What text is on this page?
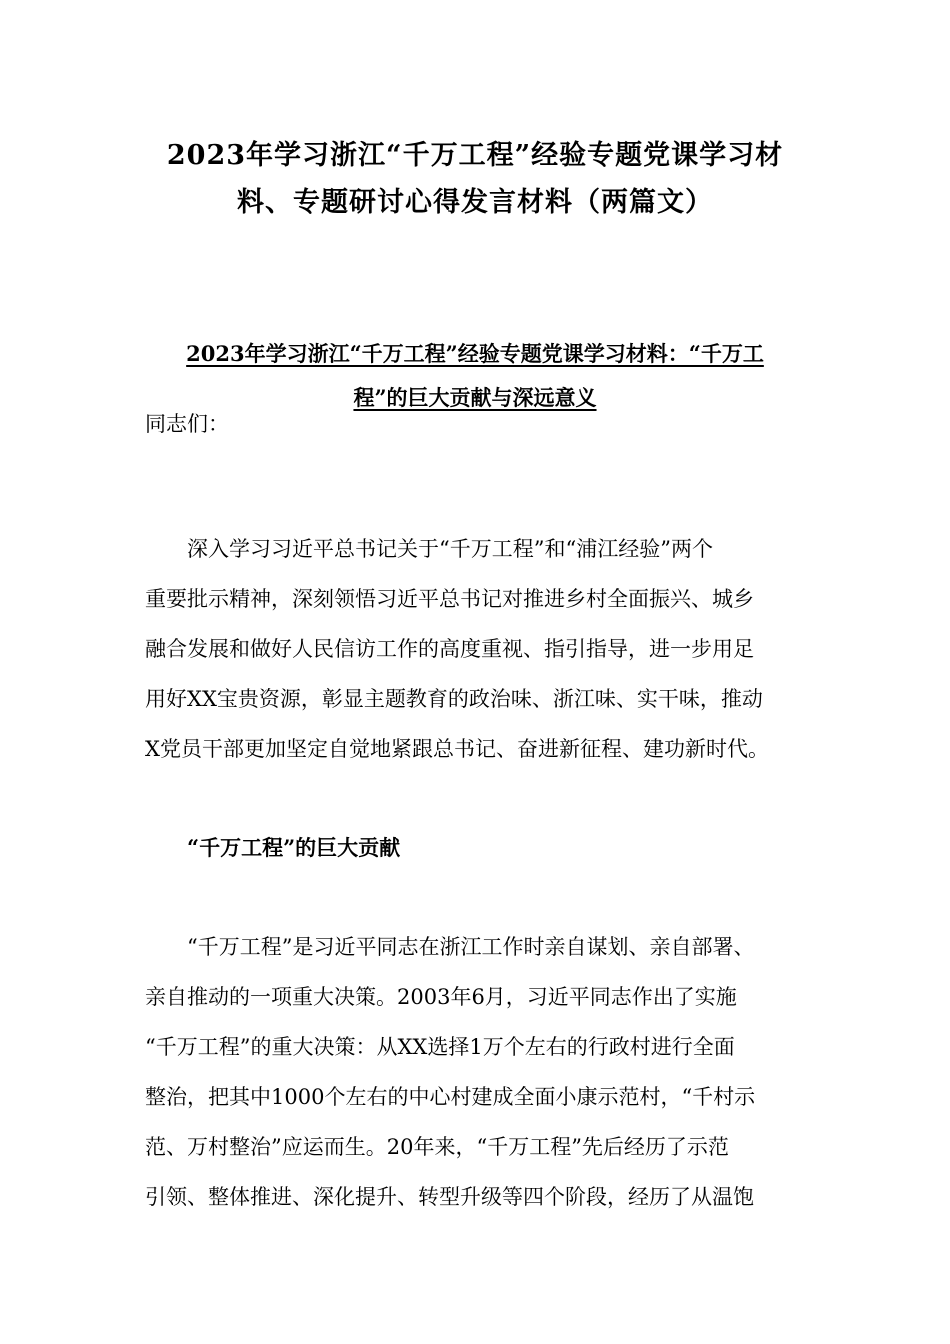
2023年学习浙江“千万工程”经验专题党课学习材
料、专题研讨心得发言材料（两篇文）
2023年学习浙江“千万工程”经验专题党课学习材料：“千万工
程”的巨大贡献与深远意义

同志们：

深入学习习近平总书记关于“千万工程”和“浦江经验”两个

重要批示精神，深刻领悟习近平总书记对推进乡村全面振兴、城乡

融合发展和做好人民信访工作的高度重视、指引指导，进一步用足

用好XX宝贵资源，彰显主题教育的政治味、浙江味、实干味，推动

X党员干部更加坚定自觉地紧跟总书记、奋进新征程、建功新时代。

“千万工程”的巨大贡献

“千万工程”是习近平同志在浙江工作时亲自谋划、亲自部署、

亲自推动的一项重大决策。2003年6月，习近平同志作出了实施

“千万工程”的重大决策：从XX选择1万个左右的行政村进行全面

整治，把其中1000个左右的中心村建成全面小康示范村，“千村示

范、万村整治”应运而生。20年来，“千万工程”先后经历了示范

引领、整体推进、深化提升、转型升级等四个阶段，经历了从温饱
